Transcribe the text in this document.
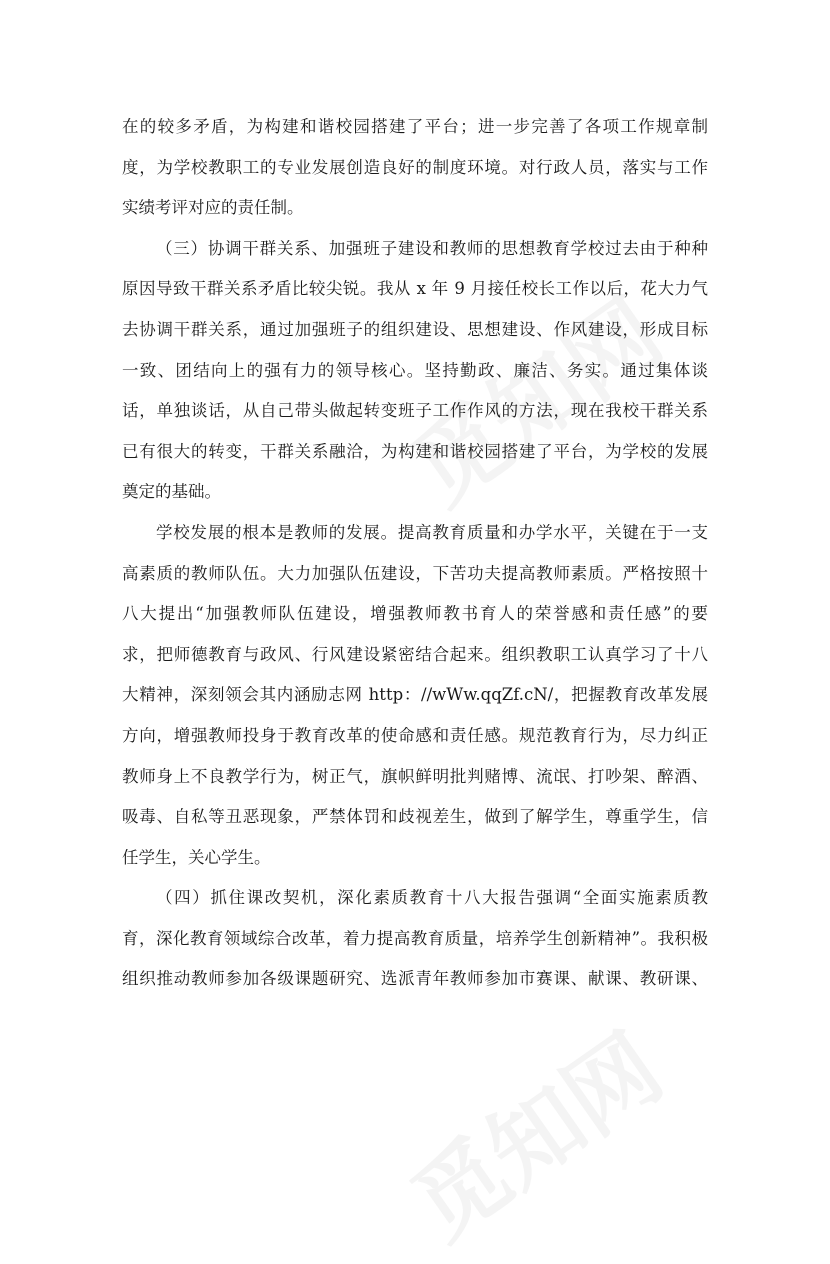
在的较多矛盾，为构建和谐校园搭建了平台；进一步完善了各项工作规章制
度，为学校教职工的专业发展创造良好的制度环境。对行政人员，落实与工作
实绩考评对应的责任制。
（三）协调干群关系、加强班子建设和教师的思想教育学校过去由于种种
原因导致干群关系矛盾比较尖锐。我从 x 年 9 月接任校长工作以后，花大力气
去协调干群关系，通过加强班子的组织建设、思想建设、作风建设，形成目标
一致、团结向上的强有力的领导核心。坚持勤政、廉洁、务实。通过集体谈
话，单独谈话，从自己带头做起转变班子工作作风的方法，现在我校干群关系
已有很大的转变，干群关系融洽，为构建和谐校园搭建了平台，为学校的发展
奠定的基础。
学校发展的根本是教师的发展。提高教育质量和办学水平，关键在于一支
高素质的教师队伍。大力加强队伍建设，下苦功夫提高教师素质。严格按照十
八大提出“加强教师队伍建设，增强教师教书育人的荣誉感和责任感”的要
求，把师德教育与政风、行风建设紧密结合起来。组织教职工认真学习了十八
大精神，深刻领会其内涵励志网 http：//wWw.qqZf.cN/，把握教育改革发展
方向，增强教师投身于教育改革的使命感和责任感。规范教育行为，尽力纠正
教师身上不良教学行为，树正气，旗帜鲜明批判赌博、流氓、打吵架、醉酒、
吸毒、自私等丑恶现象，严禁体罚和歧视差生，做到了解学生，尊重学生，信
任学生，关心学生。
（四）抓住课改契机，深化素质教育十八大报告强调“全面实施素质教
育，深化教育领域综合改革，着力提高教育质量，培养学生创新精神”。我积极
组织推动教师参加各级课题研究、选派青年教师参加市赛课、献课、教研课、
